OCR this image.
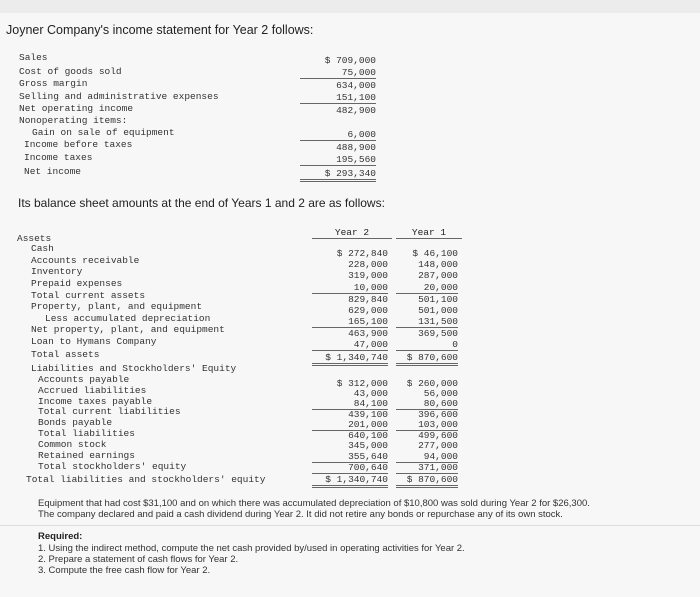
Joyner Company's income statement for Year 2 follows:
Sales
Cost of goods sold
Gross margin
Selling and administrative expenses
Net operating income
Nonoperating items:
Gain on sale of equipment
Income before taxes
Income taxes
Net income
$ 709,000
75,000
634,000
151,100
482,900
6,000
488,900
195,560
$ 293,340
Its balance sheet amounts at the end of Years 1 and 2 are as follows:
Year 2	Year 1
Assets
Cash
Accounts receivable
Inventory
Prepaid expenses
Total current assets
Property, plant, and equipment
Less accumulated depreciation
Net property, plant, and equipment
Loan to Hymans Company
Total assets
Liabilities and Stockholders' Equity
Accounts payable
Accrued liabilities
Income taxes payable
Total current liabilities
Bonds payable
Total liabilities
Common stock
Retained earnings
Total stockholders' equity
Total liabilities and stockholders' equity
$ 272,840
228,000
319,000
10,000
829,840
629,000
165,100
463,900
47,000
$ 1,340,740
$ 312,000
43,000
84,100
439,100
201,000
640,100
345,000
355,640
700,640
$ 1,340,740
$ 46,100
148,000
287,000
20,000
501,100
501,000
131,500
369,500
0
$ 870,600
$ 260,000
56,000
80,600
396,600
103,000
499,600
277,000
94,000
371,000
$ 870,600
Equipment that had cost $31,100 and on which there was accumulated depreciation of $10,800 was sold during Year 2 for $26,300.
The company declared and paid a cash dividend during Year 2. It did not retire any bonds or repurchase any of its own stock.
Required:
1. Using the indirect method, compute the net cash provided by/used in operating activities for Year 2.
2. Prepare a statement of cash flows for Year 2.
3. Compute the free cash flow for Year 2.
